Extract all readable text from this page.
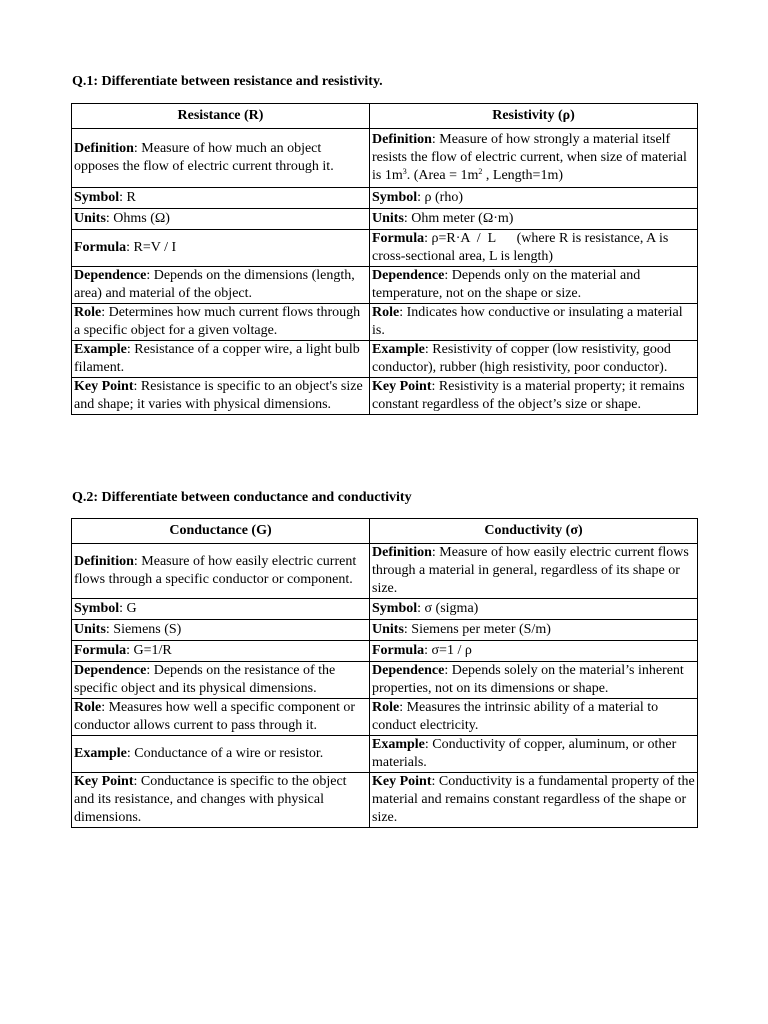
Q.1: Differentiate between resistance and resistivity.
Resistance (R)	Resistivity (ρ)
Definition: Measure of how much an object opposes the flow of electric current through it.	Definition: Measure of how strongly a material itself resists the flow of electric current, when size of material is $1m^3$. (Area = $1m^2$ , Length=1m)
Symbol: R	Symbol: ρ (rho)
Units: Ohms (Ω)	Units: Ohm meter (Ω·m)
Formula: R=V / I	Formula: ρ=R·A  /  L      (where R is resistance, A is cross-sectional area, L is length)
Dependence: Depends on the dimensions (length, area) and material of the object.	Dependence: Depends only on the material and temperature, not on the shape or size.
Role: Determines how much current flows through a specific object for a given voltage.	Role: Indicates how conductive or insulating a material is.
Example: Resistance of a copper wire, a light bulb filament.	Example: Resistivity of copper (low resistivity, good conductor), rubber (high resistivity, poor conductor).
Key Point: Resistance is specific to an object's size and shape; it varies with physical dimensions.	Key Point: Resistivity is a material property; it remains constant regardless of the object’s size or shape.
Q.2: Differentiate between conductance and conductivity
Conductance (G)	Conductivity (σ)
Definition: Measure of how easily electric current flows through a specific conductor or component.	Definition: Measure of how easily electric current flows through a material in general, regardless of its shape or size.
Symbol: G	Symbol: σ (sigma)
Units: Siemens (S)	Units: Siemens per meter (S/m)
Formula: G=1/R	Formula: σ=1 / ρ
Dependence: Depends on the resistance of the specific object and its physical dimensions.	Dependence: Depends solely on the material’s inherent properties, not on its dimensions or shape.
Role: Measures how well a specific component or conductor allows current to pass through it.	Role: Measures the intrinsic ability of a material to conduct electricity.
Example: Conductance of a wire or resistor.	Example: Conductivity of copper, aluminum, or other materials.
Key Point: Conductance is specific to the object and its resistance, and changes with physical dimensions.	Key Point: Conductivity is a fundamental property of the material and remains constant regardless of the shape or size.
